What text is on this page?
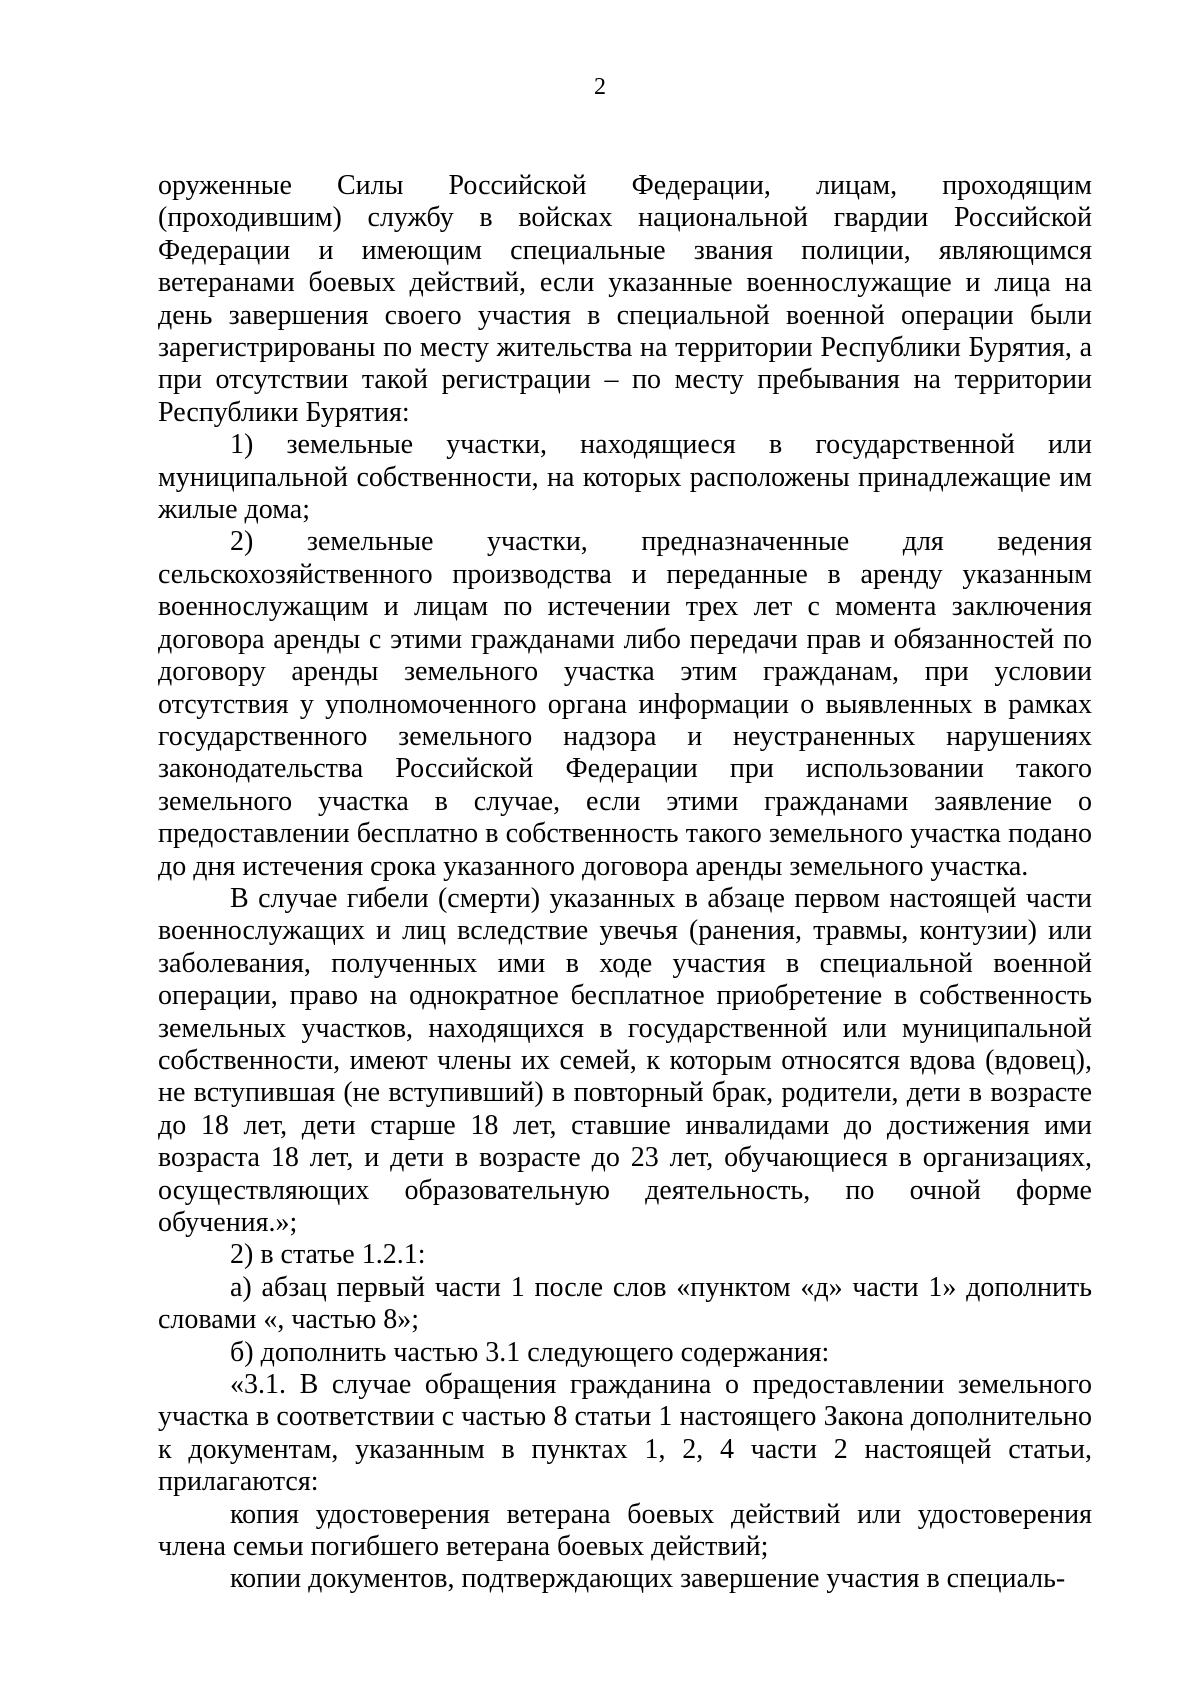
2

оруженные Силы Российской Федерации, лицам, проходящим (проходившим) службу в войсках национальной гвардии Российской Федерации и имеющим специальные звания полиции, являющимся ветеранами боевых действий, если указанные военнослужащие и лица на день завершения своего участия в специальной военной операции были зарегистрированы по месту жительства на территории Республики Бурятия, а при отсутствии такой регистрации – по месту пребывания на территории Республики Бурятия:

1) земельные участки, находящиеся в государственной или муниципальной собственности, на которых расположены принадлежащие им жилые дома;

2) земельные участки, предназначенные для ведения сельскохозяйственного производства и переданные в аренду указанным военнослужащим и лицам по истечении трех лет с момента заключения договора аренды с этими гражданами либо передачи прав и обязанностей по договору аренды земельного участка этим гражданам, при условии отсутствия у уполномоченного органа информации о выявленных в рамках государственного земельного надзора и неустраненных нарушениях законодательства Российской Федерации при использовании такого земельного участка в случае, если этими гражданами заявление о предоставлении бесплатно в собственность такого земельного участка подано до дня истечения срока указанного договора аренды земельного участка.

В случае гибели (смерти) указанных в абзаце первом настоящей части военнослужащих и лиц вследствие увечья (ранения, травмы, контузии) или заболевания, полученных ими в ходе участия в специальной военной операции, право на однократное бесплатное приобретение в собственность земельных участков, находящихся в государственной или муниципальной собственности, имеют члены их семей, к которым относятся вдова (вдовец), не вступившая (не вступивший) в повторный брак, родители, дети в возрасте до 18 лет, дети старше 18 лет, ставшие инвалидами до достижения ими возраста 18 лет, и дети в возрасте до 23 лет, обучающиеся в организациях, осуществляющих образовательную деятельность, по очной форме обучения.»;

2) в статье 1.2.1:

а) абзац первый части 1 после слов «пунктом «д» части 1» дополнить словами «, частью 8»;

б) дополнить частью 3.1 следующего содержания:

«3.1. В случае обращения гражданина о предоставлении земельного участка в соответствии с частью 8 статьи 1 настоящего Закона дополнительно к документам, указанным в пунктах 1, 2, 4 части 2 настоящей статьи, прилагаются:

копия удостоверения ветерана боевых действий или удостоверения члена семьи погибшего ветерана боевых действий;

копии документов, подтверждающих завершение участия в специаль-
